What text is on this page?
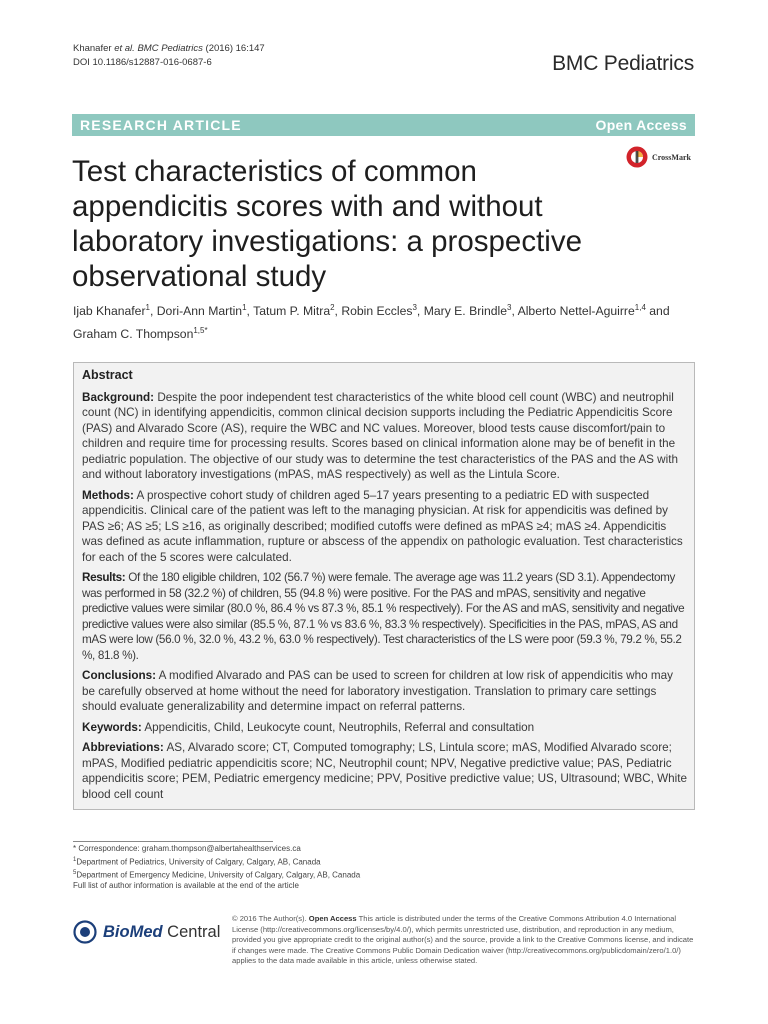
Khanafer et al. BMC Pediatrics (2016) 16:147
DOI 10.1186/s12887-016-0687-6	BMC Pediatrics
RESEARCH ARTICLE	Open Access
Test characteristics of common appendicitis scores with and without laboratory investigations: a prospective observational study
CrossMark
Ijab Khanafer$^1$, Dori-Ann Martin$^1$, Tatum P. Mitra$^2$, Robin Eccles$^3$, Mary E. Brindle$^3$, Alberto Nettel-Aguirre$^{1,4}$ and Graham C. Thompson$^{1,5*}$
Abstract

Background: Despite the poor independent test characteristics of the white blood cell count (WBC) and neutrophil count (NC) in identifying appendicitis, common clinical decision supports including the Pediatric Appendicitis Score (PAS) and Alvarado Score (AS), require the WBC and NC values. Moreover, blood tests cause discomfort/pain to children and require time for processing results. Scores based on clinical information alone may be of benefit in the pediatric population. The objective of our study was to determine the test characteristics of the PAS and the AS with and without laboratory investigations (mPAS, mAS respectively) as well as the Lintula Score.

Methods: A prospective cohort study of children aged 5–17 years presenting to a pediatric ED with suspected appendicitis. Clinical care of the patient was left to the managing physician. At risk for appendicitis was defined by PAS ≥6; AS ≥5; LS ≥16, as originally described; modified cutoffs were defined as mPAS ≥4; mAS ≥4. Appendicitis was defined as acute inflammation, rupture or abscess of the appendix on pathologic evaluation. Test characteristics for each of the 5 scores were calculated.

Results: Of the 180 eligible children, 102 (56.7 %) were female. The average age was 11.2 years (SD 3.1). Appendectomy was performed in 58 (32.2 %) of children, 55 (94.8 %) were positive. For the PAS and mPAS, sensitivity and negative predictive values were similar (80.0 %, 86.4 % vs 87.3 %, 85.1 % respectively). For the AS and mAS, sensitivity and negative predictive values were also similar (85.5 %, 87.1 % vs 83.6 %, 83.3 % respectively). Specificities in the PAS, mPAS, AS and mAS were low (56.0 %, 32.0 %, 43.2 %, 63.0 % respectively). Test characteristics of the LS were poor (59.3 %, 79.2 %, 55.2 %, 81.8 %).

Conclusions: A modified Alvarado and PAS can be used to screen for children at low risk of appendicitis who may be carefully observed at home without the need for laboratory investigation. Translation to primary care settings should evaluate generalizability and determine impact on referral patterns.

Keywords: Appendicitis, Child, Leukocyte count, Neutrophils, Referral and consultation

Abbreviations: AS, Alvarado score; CT, Computed tomography; LS, Lintula score; mAS, Modified Alvarado score; mPAS, Modified pediatric appendicitis score; NC, Neutrophil count; NPV, Negative predictive value; PAS, Pediatric appendicitis score; PEM, Pediatric emergency medicine; PPV, Positive predictive value; US, Ultrasound; WBC, White blood cell count

* Correspondence: graham.thompson@albertahealthservices.ca
$^1$Department of Pediatrics, University of Calgary, Calgary, AB, Canada
$^5$Department of Emergency Medicine, University of Calgary, Calgary, AB, Canada
Full list of author information is available at the end of the article
BioMed Central
© 2016 The Author(s). Open Access This article is distributed under the terms of the Creative Commons Attribution 4.0 International License (http://creativecommons.org/licenses/by/4.0/), which permits unrestricted use, distribution, and reproduction in any medium, provided you give appropriate credit to the original author(s) and the source, provide a link to the Creative Commons license, and indicate if changes were made. The Creative Commons Public Domain Dedication waiver (http://creativecommons.org/publicdomain/zero/1.0/) applies to the data made available in this article, unless otherwise stated.
